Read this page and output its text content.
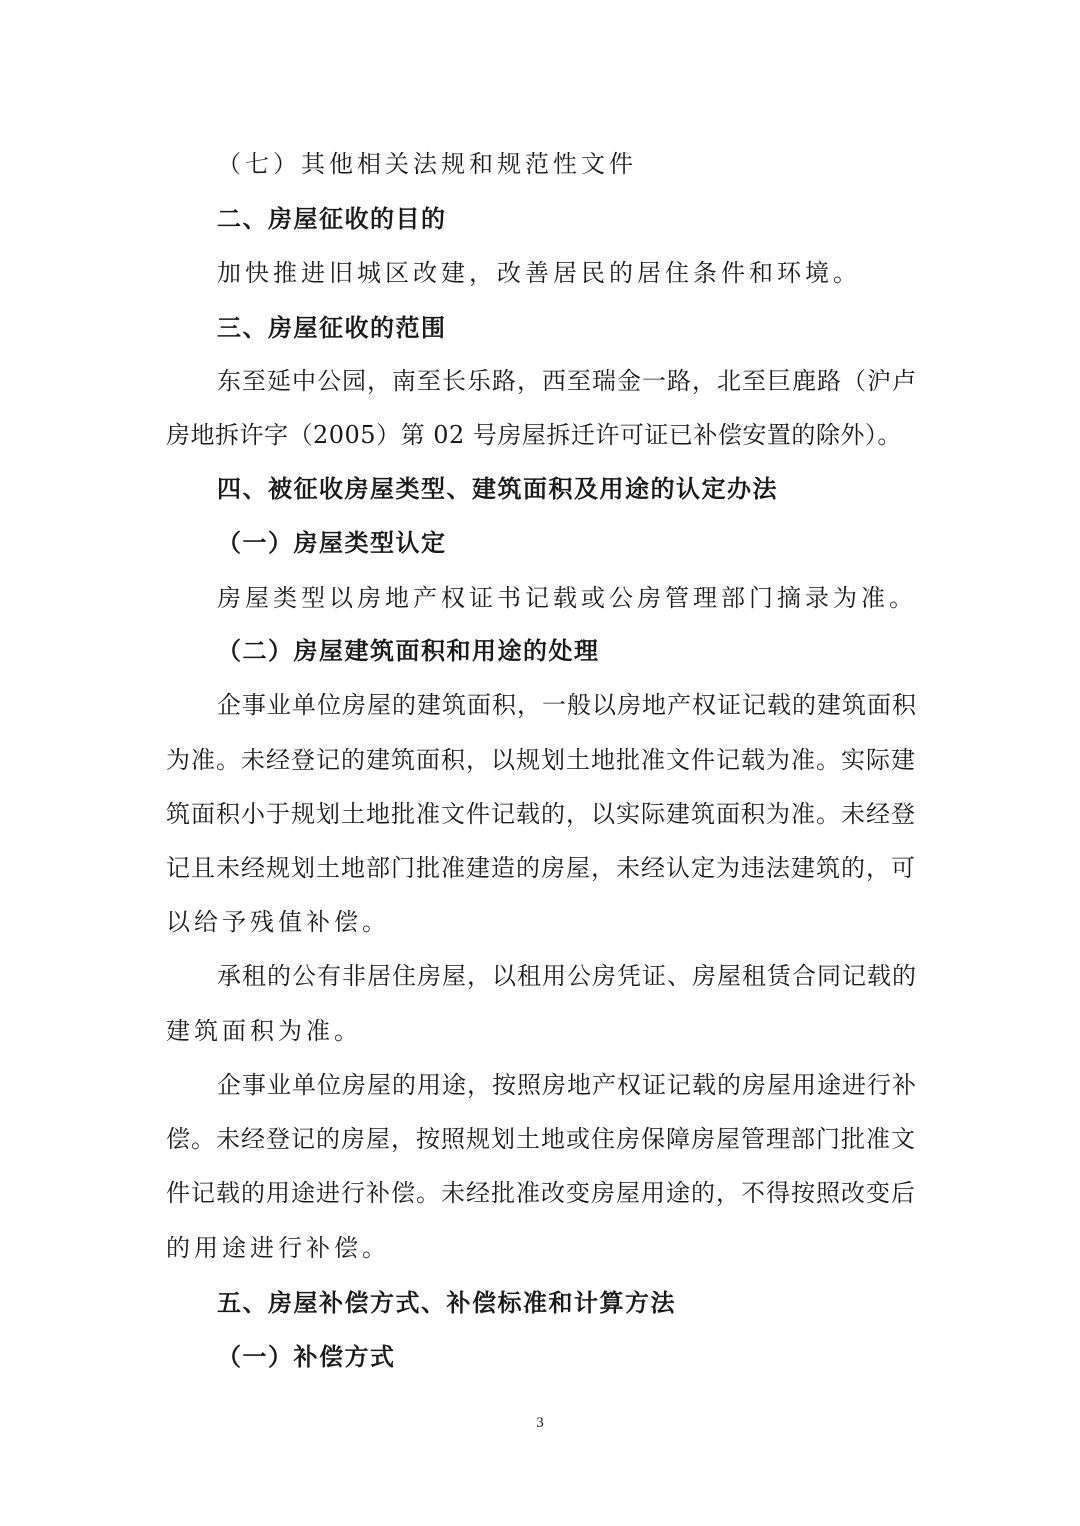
（七）其他相关法规和规范性文件
二、房屋征收的目的
加快推进旧城区改建，改善居民的居住条件和环境。
三、房屋征收的范围
东至延中公园，南至长乐路，西至瑞金一路，北至巨鹿路（沪卢
房地拆许字（2005）第 02 号房屋拆迁许可证已补偿安置的除外）。
四、被征收房屋类型、建筑面积及用途的认定办法
（一）房屋类型认定
房屋类型以房地产权证书记载或公房管理部门摘录为准。
（二）房屋建筑面积和用途的处理
企事业单位房屋的建筑面积，一般以房地产权证记载的建筑面积
为准。未经登记的建筑面积，以规划土地批准文件记载为准。实际建
筑面积小于规划土地批准文件记载的，以实际建筑面积为准。未经登
记且未经规划土地部门批准建造的房屋，未经认定为违法建筑的，可
以给予残值补偿。
承租的公有非居住房屋，以租用公房凭证、房屋租赁合同记载的
建筑面积为准。
企事业单位房屋的用途，按照房地产权证记载的房屋用途进行补
偿。未经登记的房屋，按照规划土地或住房保障房屋管理部门批准文
件记载的用途进行补偿。未经批准改变房屋用途的，不得按照改变后
的用途进行补偿。
五、房屋补偿方式、补偿标准和计算方法
（一）补偿方式
3
